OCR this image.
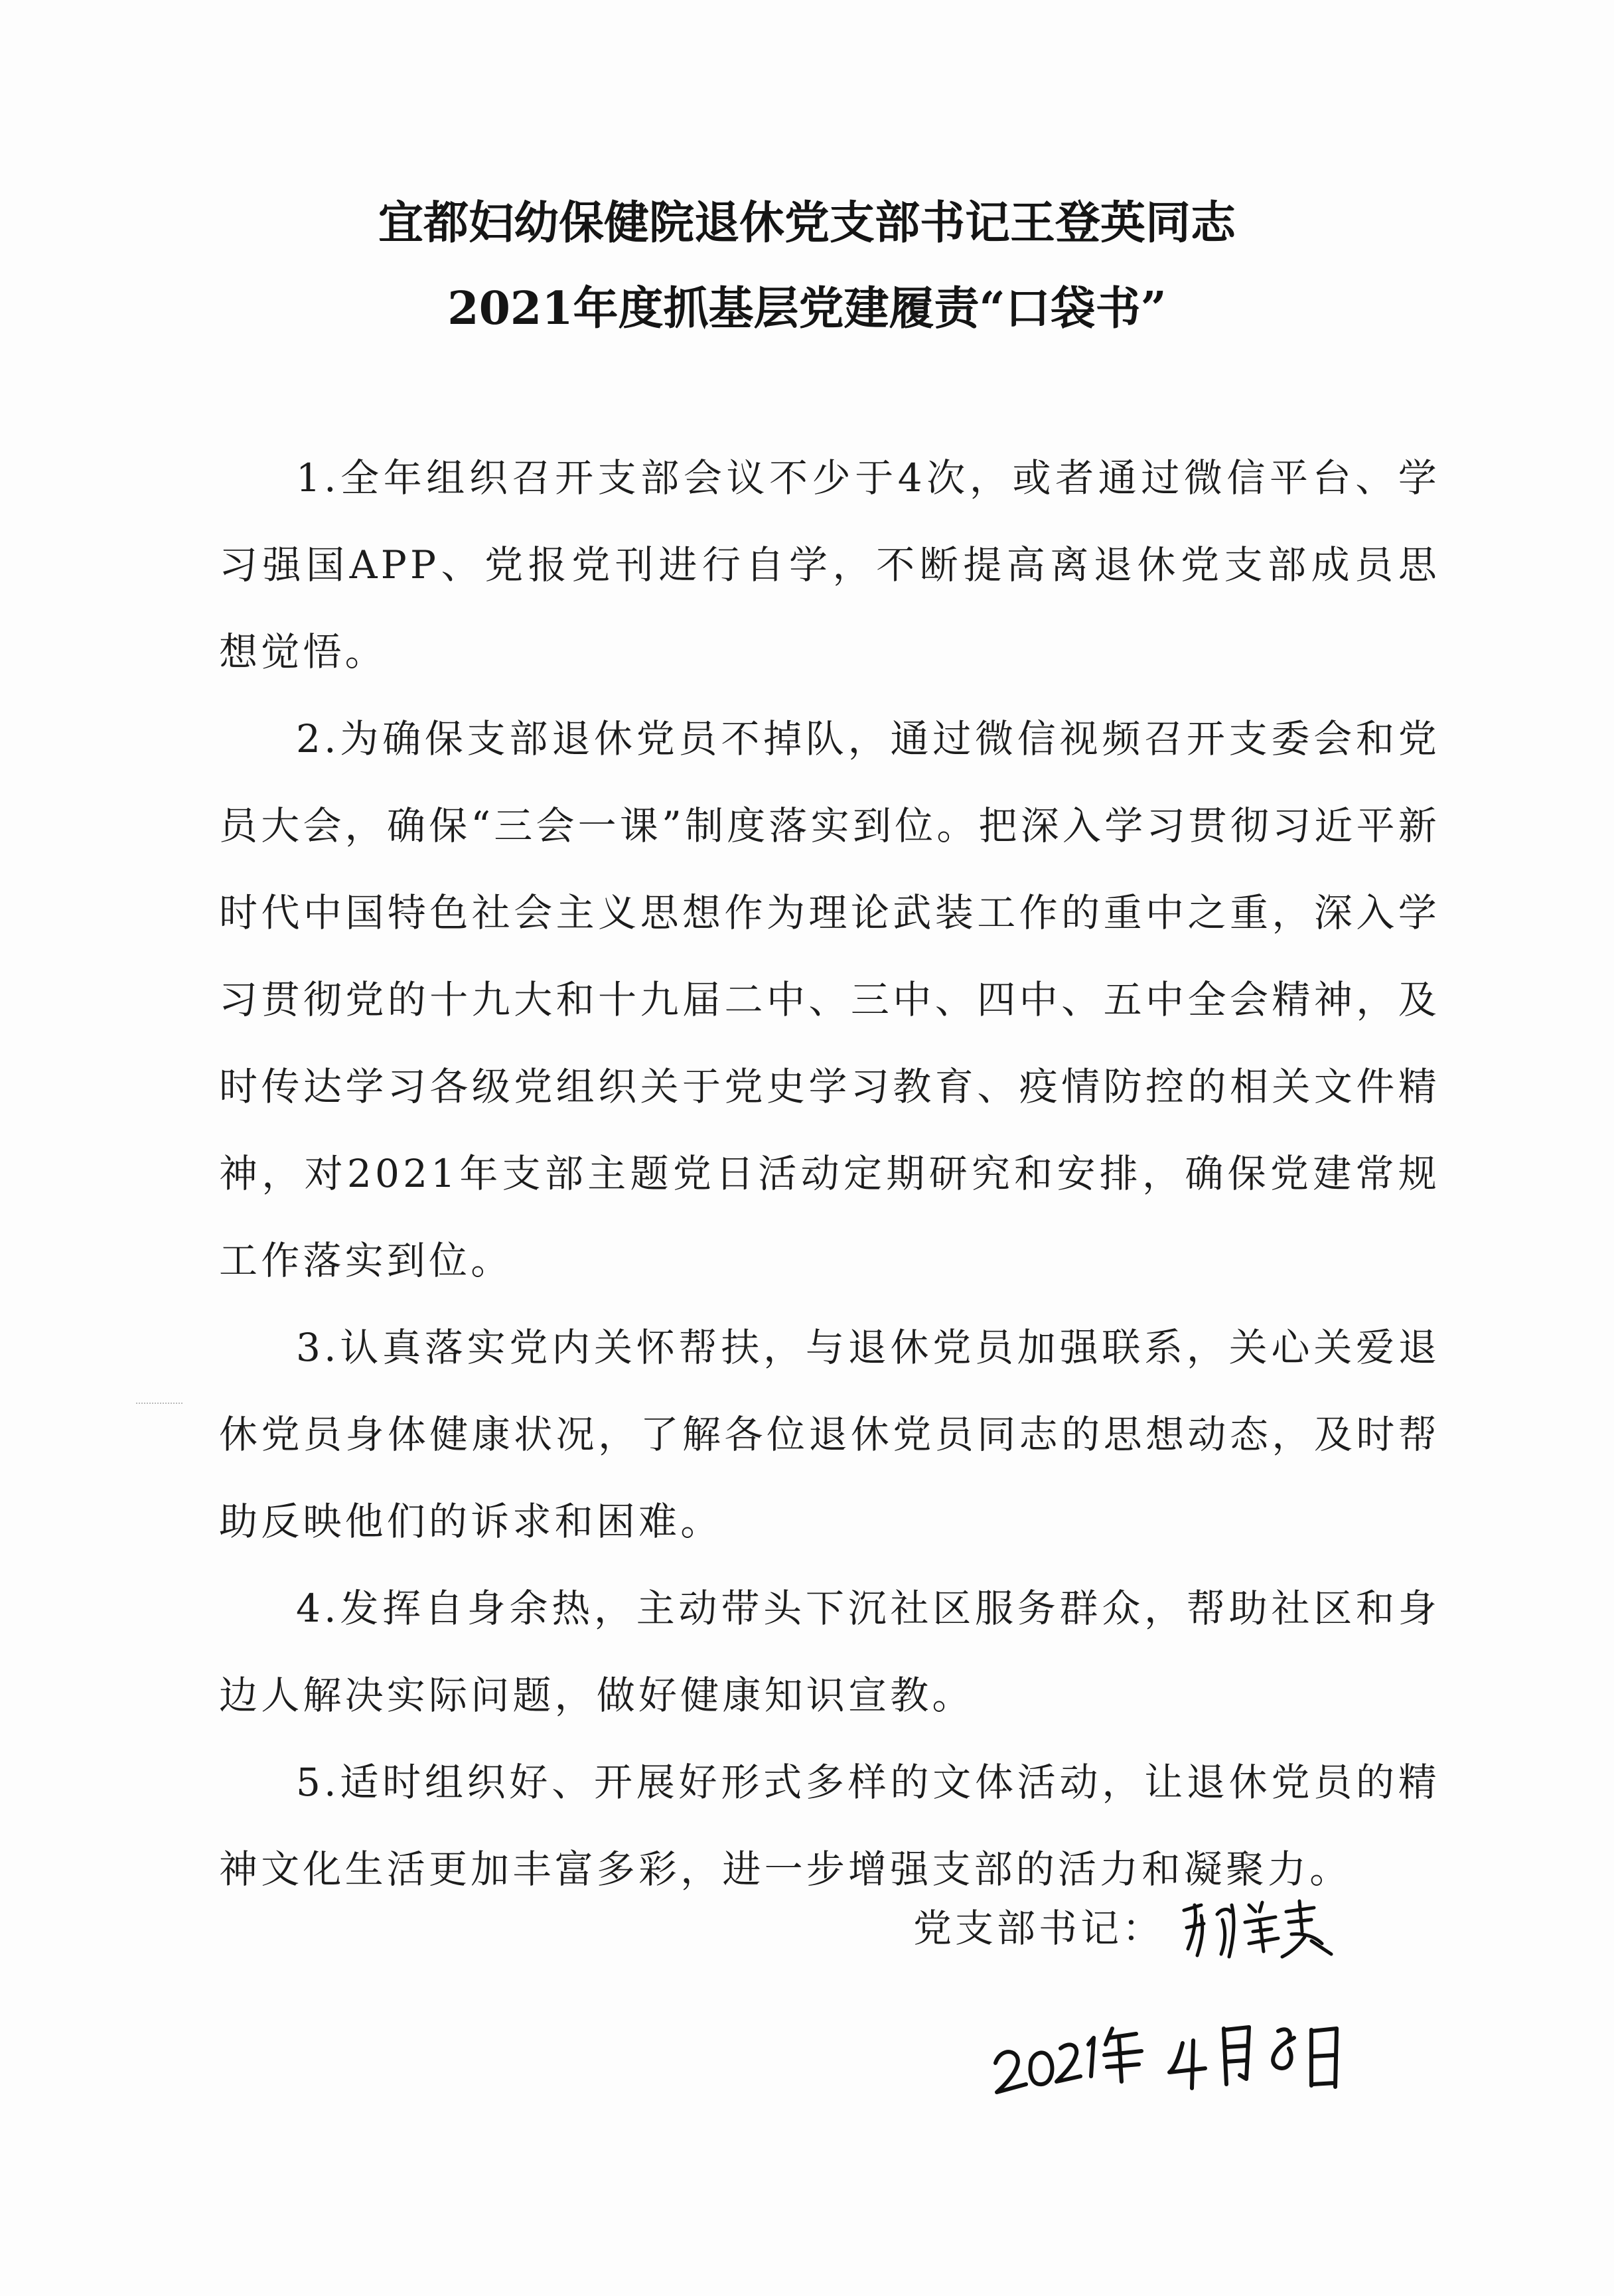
宜都妇幼保健院退休党支部书记王登英同志
2021年度抓基层党建履责“口袋书”

1.全年组织召开支部会议不少于4次，或者通过微信平台、学习强国APP、党报党刊进行自学，不断提高离退休党支部成员思想觉悟。

2.为确保支部退休党员不掉队，通过微信视频召开支委会和党员大会，确保“三会一课”制度落实到位。把深入学习贯彻习近平新时代中国特色社会主义思想作为理论武装工作的重中之重，深入学习贯彻党的十九大和十九届二中、三中、四中、五中全会精神，及时传达学习各级党组织关于党史学习教育、疫情防控的相关文件精神，对2021年支部主题党日活动定期研究和安排，确保党建常规工作落实到位。

3.认真落实党内关怀帮扶，与退休党员加强联系，关心关爱退休党员身体健康状况，了解各位退休党员同志的思想动态，及时帮助反映他们的诉求和困难。

4.发挥自身余热，主动带头下沉社区服务群众，帮助社区和身边人解决实际问题，做好健康知识宣教。

5.适时组织好、开展好形式多样的文体活动，让退休党员的精神文化生活更加丰富多彩，进一步增强支部的活力和凝聚力。

党支部书记：
